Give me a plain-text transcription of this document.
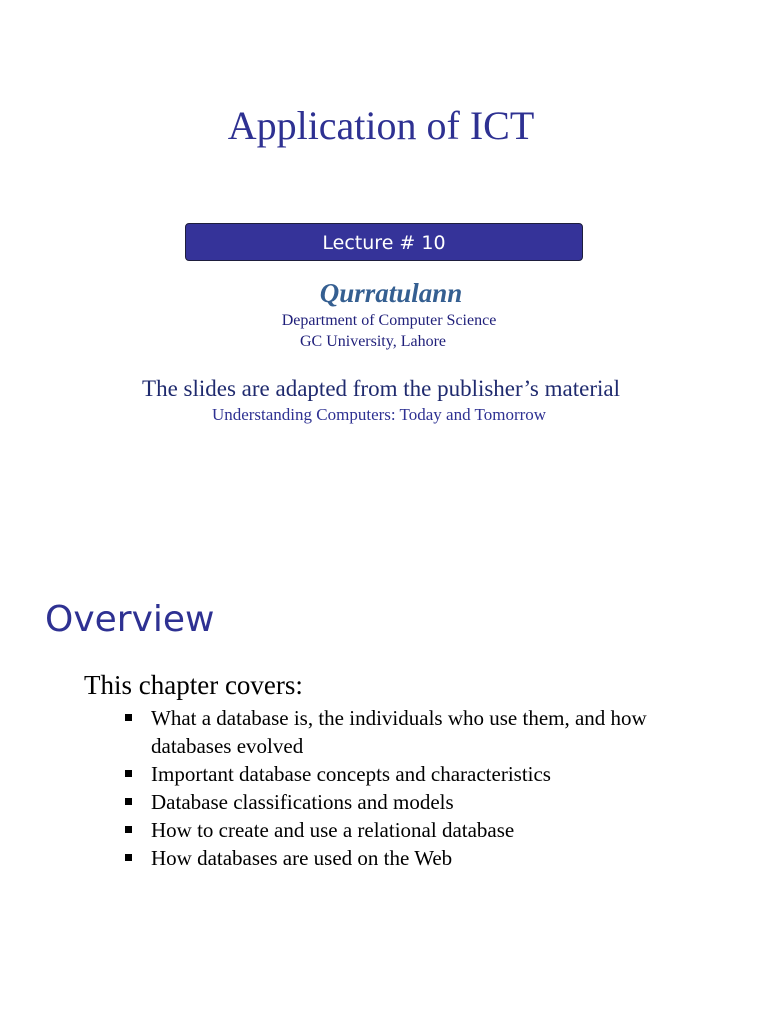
Application of ICT
Lecture # 10
Qurratulann
Department of Computer Science
GC University, Lahore
The slides are adapted from the publisher’s material
Understanding Computers: Today and Tomorrow
Overview
This chapter covers:
What a database is, the individuals who use them, and how databases evolved
Important database concepts and characteristics
Database classifications and models
How to create and use a relational database
How databases are used on the Web
